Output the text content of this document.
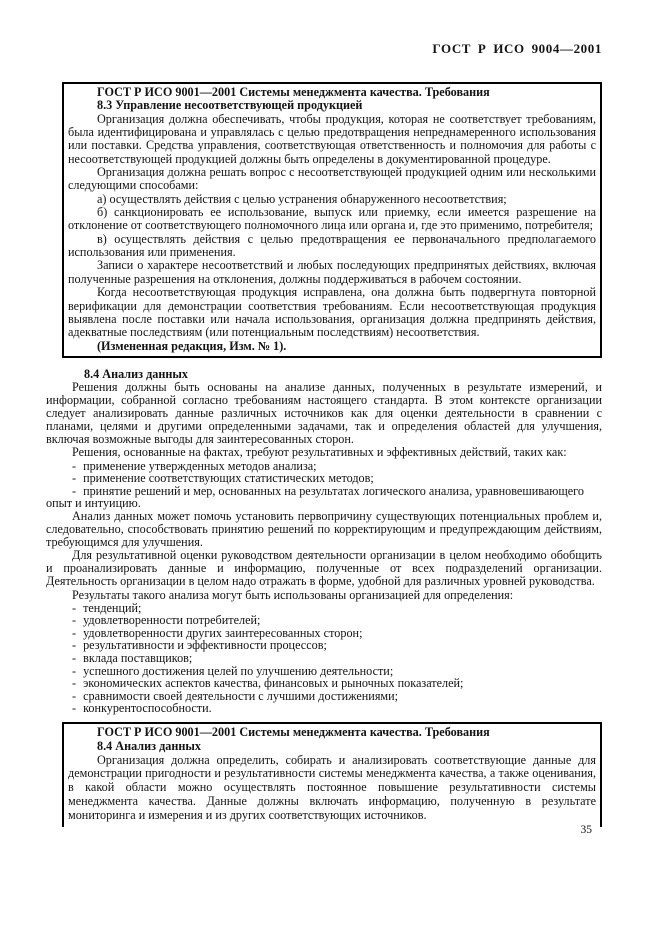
ГОСТ Р ИСО 9004—2001

ГОСТ Р ИСО 9001—2001 Системы менеджмента качества. Требования

8.3 Управление несоответствующей продукцией

Организация должна обеспечивать, чтобы продукция, которая не соответствует требованиям, была идентифицирована и управлялась с целью предотвращения непреднамеренного использования или поставки. Средства управления, соответствующая ответственность и полномочия для работы с несоответствующей продукцией должны быть определены в документированной процедуре.

Организация должна решать вопрос с несоответствующей продукцией одним или несколькими следующими способами:

а) осуществлять действия с целью устранения обнаруженного несоответствия;

б) санкционировать ее использование, выпуск или приемку, если имеется разрешение на отклонение от соответствующего полномочного лица или органа и, где это применимо, потребителя;

в) осуществлять действия с целью предотвращения ее первоначального предполагаемого использования или применения.

Записи о характере несоответствий и любых последующих предпринятых действиях, включая полученные разрешения на отклонения, должны поддерживаться в рабочем состоянии.

Когда несоответствующая продукция исправлена, она должна быть подвергнута повторной верификации для демонстрации соответствия требованиям. Если несоответствующая продукция выявлена после поставки или начала использования, организация должна предпринять действия, адекватные последствиям (или потенциальным последствиям) несоответствия.

(Измененная редакция, Изм. № 1).

8.4 Анализ данных

Решения должны быть основаны на анализе данных, полученных в результате измерений, и информации, собранной согласно требованиям настоящего стандарта. В этом контексте организации следует анализировать данные различных источников как для оценки деятельности в сравнении с планами, целями и другими определенными задачами, так и определения областей для улучшения, включая возможные выгоды для заинтересованных сторон.

Решения, основанные на фактах, требуют результативных и эффективных действий, таких как:

- применение утвержденных методов анализа;

- применение соответствующих статистических методов;

- принятие решений и мер, основанных на результатах логического анализа, уравновешивающего опыт и интуицию.

Анализ данных может помочь установить первопричину существующих потенциальных проблем и, следовательно, способствовать принятию решений по корректирующим и предупреждающим действиям, требующимся для улучшения.

Для результативной оценки руководством деятельности организации в целом необходимо обобщить и проанализировать данные и информацию, полученные от всех подразделений организации. Деятельность организации в целом надо отражать в форме, удобной для различных уровней руководства.

Результаты такого анализа могут быть использованы организацией для определения:

- тенденций;

- удовлетворенности потребителей;

- удовлетворенности других заинтересованных сторон;

- результативности и эффективности процессов;

- вклада поставщиков;

- успешного достижения целей по улучшению деятельности;

- экономических аспектов качества, финансовых и рыночных показателей;

- сравнимости своей деятельности с лучшими достижениями;

- конкурентоспособности.

ГОСТ Р ИСО 9001—2001 Системы менеджмента качества. Требования

8.4 Анализ данных

Организация должна определить, собирать и анализировать соответствующие данные для демонстрации пригодности и результативности системы менеджмента качества, а также оценивания, в какой области можно осуществлять постоянное повышение результативности системы менеджмента качества. Данные должны включать информацию, полученную в результате мониторинга и измерения и из других соответствующих источников.

35
